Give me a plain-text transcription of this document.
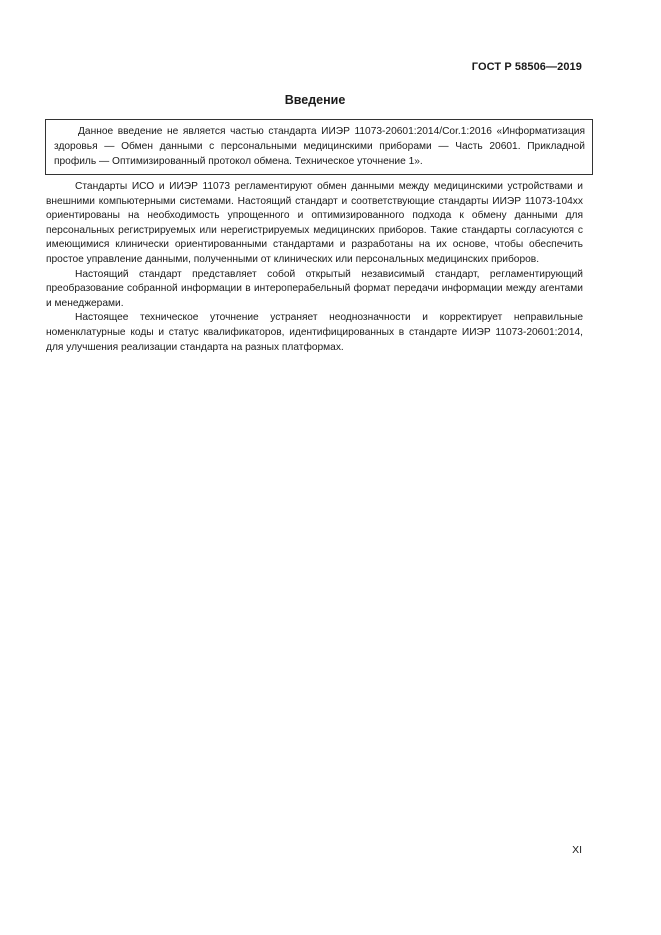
ГОСТ Р 58506—2019
Введение

Данное введение не является частью стандарта ИИЭР 11073-20601:2014/Cor.1:2016 «Информатизация здоровья — Обмен данными с персональными медицинскими приборами — Часть 20601. Прикладной профиль — Оптимизированный протокол обмена. Техническое уточнение 1».

Стандарты ИСО и ИИЭР 11073 регламентируют обмен данными между медицинскими устройствами и внешними компьютерными системами. Настоящий стандарт и соответствующие стандарты ИИЭР 11073-104xx ориентированы на необходимость упрощенного и оптимизированного подхода к обмену данными для персональных регистрируемых или нерегистрируемых медицинских приборов. Такие стандарты согласуются с имеющимися клинически ориентированными стандартами и разработаны на их основе, чтобы обеспечить простое управление данными, полученными от клинических или персональных медицинских приборов.

Настоящий стандарт представляет собой открытый независимый стандарт, регламентирующий преобразование собранной информации в интероперабельный формат передачи информации между агентами и менеджерами.

Настоящее техническое уточнение устраняет неоднозначности и корректирует неправильные номенклатурные коды и статус квалификаторов, идентифицированных в стандарте ИИЭР 11073-20601:2014, для улучшения реализации стандарта на разных платформах.

XI
